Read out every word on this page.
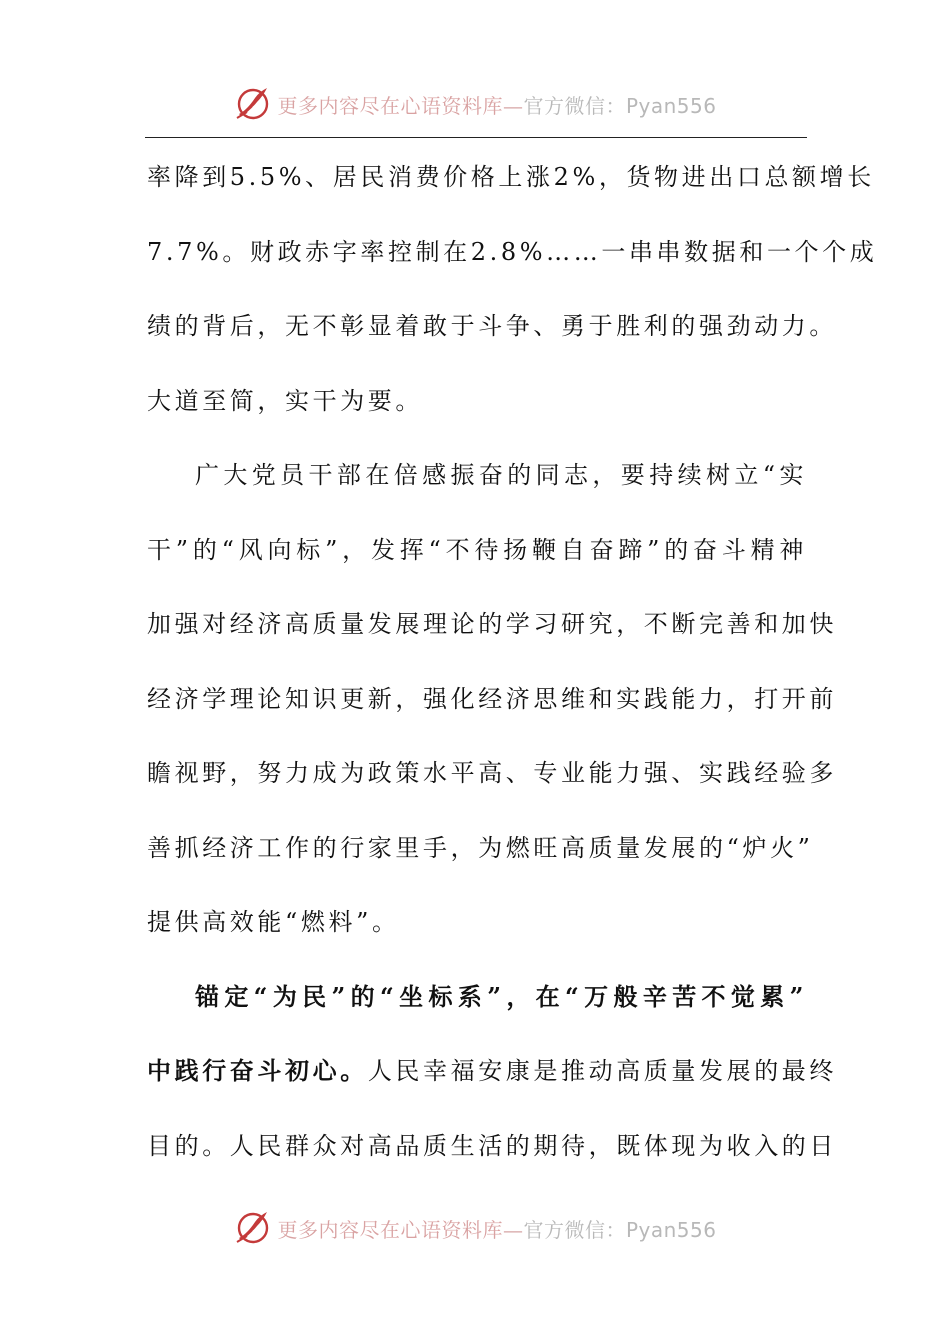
更多内容尽在心语资料库—官方微信：Pyan556

率降到5.5%、居民消费价格上涨2%，货物进出口总额增长
7.7%。财政赤字率控制在2.8%……一串串数据和一个个成
绩的背后，无不彰显着敢于斗争、勇于胜利的强劲动力。
大道至简，实干为要。

广大党员干部在倍感振奋的同志，要持续树立“实
干”的“风向标”，发挥“不待扬鞭自奋蹄”的奋斗精神
加强对经济高质量发展理论的学习研究，不断完善和加快
经济学理论知识更新，强化经济思维和实践能力，打开前
瞻视野，努力成为政策水平高、专业能力强、实践经验多
善抓经济工作的行家里手，为燃旺高质量发展的“炉火”
提供高效能“燃料”。

锚定“为民”的“坐标系”，在“万般辛苦不觉累”
中践行奋斗初心。人民幸福安康是推动高质量发展的最终
目的。人民群众对高品质生活的期待，既体现为收入的日

更多内容尽在心语资料库—官方微信：Pyan556
